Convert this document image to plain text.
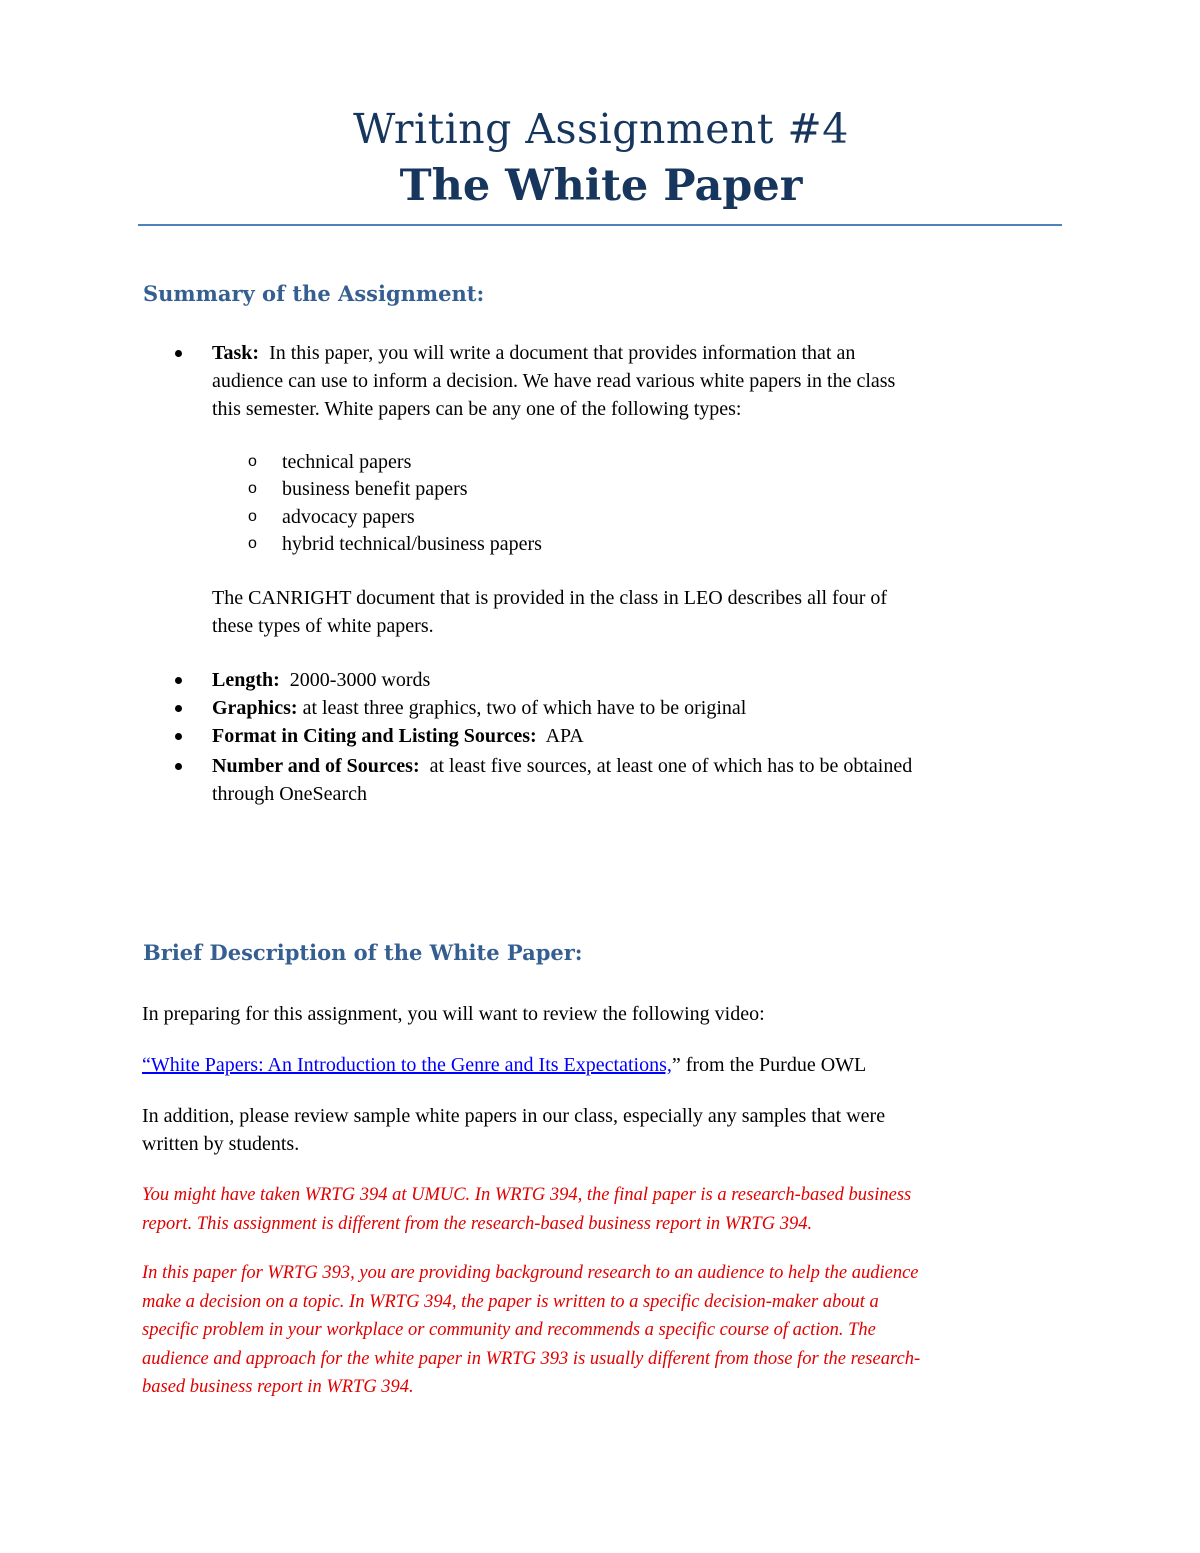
Writing Assignment #4
The White Paper
Summary of the Assignment:
Task: In this paper, you will write a document that provides information that an
audience can use to inform a decision. We have read various white papers in the class
this semester. White papers can be any one of the following types:
o technical papers
o business benefit papers
o advocacy papers
o hybrid technical/business papers
The CANRIGHT document that is provided in the class in LEO describes all four of
these types of white papers.
Length: 2000-3000 words
Graphics: at least three graphics, two of which have to be original
Format in Citing and Listing Sources: APA
Number and of Sources: at least five sources, at least one of which has to be obtained
through OneSearch
Brief Description of the White Paper:
In preparing for this assignment, you will want to review the following video:
“White Papers: An Introduction to the Genre and Its Expectations,” from the Purdue OWL
In addition, please review sample white papers in our class, especially any samples that were
written by students.
You might have taken WRTG 394 at UMUC. In WRTG 394, the final paper is a research-based business
report. This assignment is different from the research-based business report in WRTG 394.
In this paper for WRTG 393, you are providing background research to an audience to help the audience
make a decision on a topic. In WRTG 394, the paper is written to a specific decision-maker about a
specific problem in your workplace or community and recommends a specific course of action. The
audience and approach for the white paper in WRTG 393 is usually different from those for the research-
based business report in WRTG 394.
